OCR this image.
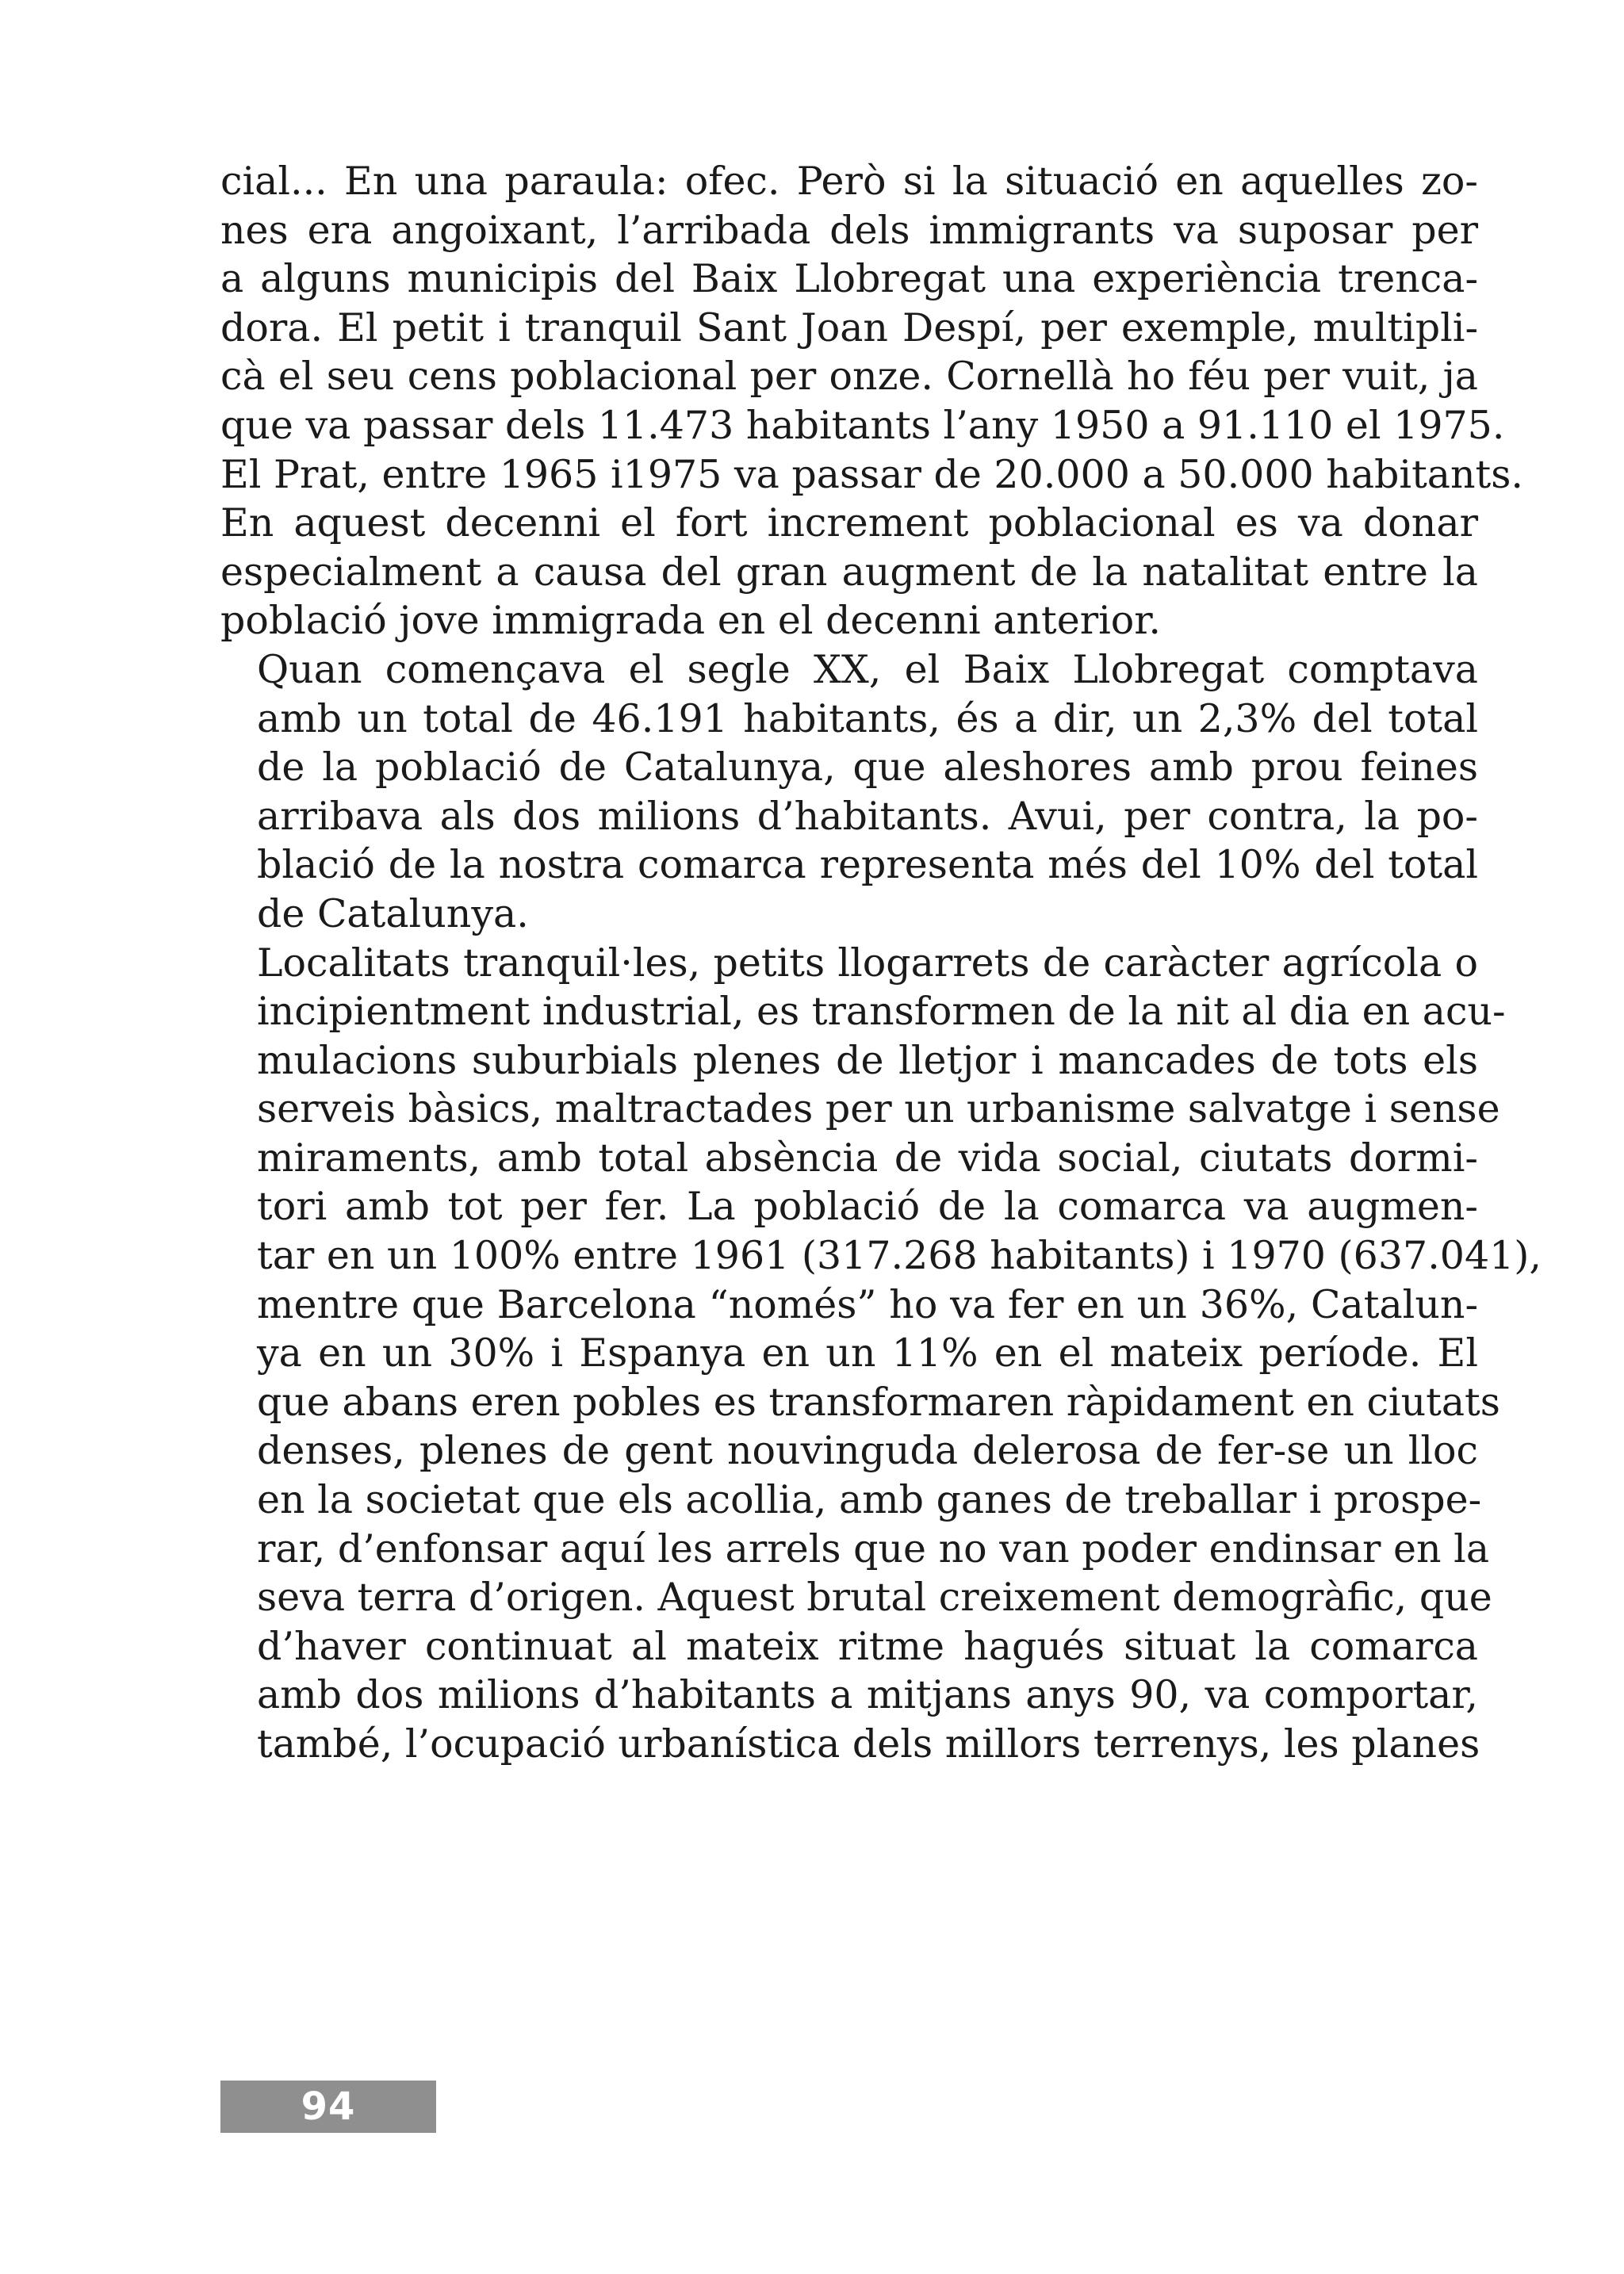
cial... En una paraula: ofec. Però si la situació en aquelles zo-
nes era angoixant, l’arribada dels immigrants va suposar per
a alguns municipis del Baix Llobregat una experiència trenca-
dora. El petit i tranquil Sant Joan Despí, per exemple, multipli-
cà el seu cens poblacional per onze. Cornellà ho féu per vuit, ja
que va passar dels 11.473 habitants l’any 1950 a 91.110 el 1975.
El Prat, entre 1965 i1975 va passar de 20.000 a 50.000 habitants.
En aquest decenni el fort increment poblacional es va donar
especialment a causa del gran augment de la natalitat entre la
població jove immigrada en el decenni anterior.
Quan començava el segle XX, el Baix Llobregat comptava
amb un total de 46.191 habitants, és a dir, un 2,3% del total
de la població de Catalunya, que aleshores amb prou feines
arribava als dos milions d’habitants. Avui, per contra, la po-
blació de la nostra comarca representa més del 10% del total
de Catalunya.
Localitats tranquil·les, petits llogarrets de caràcter agrícola o
incipientment industrial, es transformen de la nit al dia en acu-
mulacions suburbials plenes de lletjor i mancades de tots els
serveis bàsics, maltractades per un urbanisme salvatge i sense
miraments, amb total absència de vida social, ciutats dormi-
tori amb tot per fer. La població de la comarca va augmen-
tar en un 100% entre 1961 (317.268 habitants) i 1970 (637.041),
mentre que Barcelona “només” ho va fer en un 36%, Catalun-
ya en un 30% i Espanya en un 11% en el mateix període. El
que abans eren pobles es transformaren ràpidament en ciutats
denses, plenes de gent nouvinguda delerosa de fer-se un lloc
en la societat que els acollia, amb ganes de treballar i prospe-
rar, d’enfonsar aquí les arrels que no van poder endinsar en la
seva terra d’origen. Aquest brutal creixement demogràfic, que
d’haver continuat al mateix ritme hagués situat la comarca
amb dos milions d’habitants a mitjans anys 90, va comportar,
també, l’ocupació urbanística dels millors terrenys, les planes
94
